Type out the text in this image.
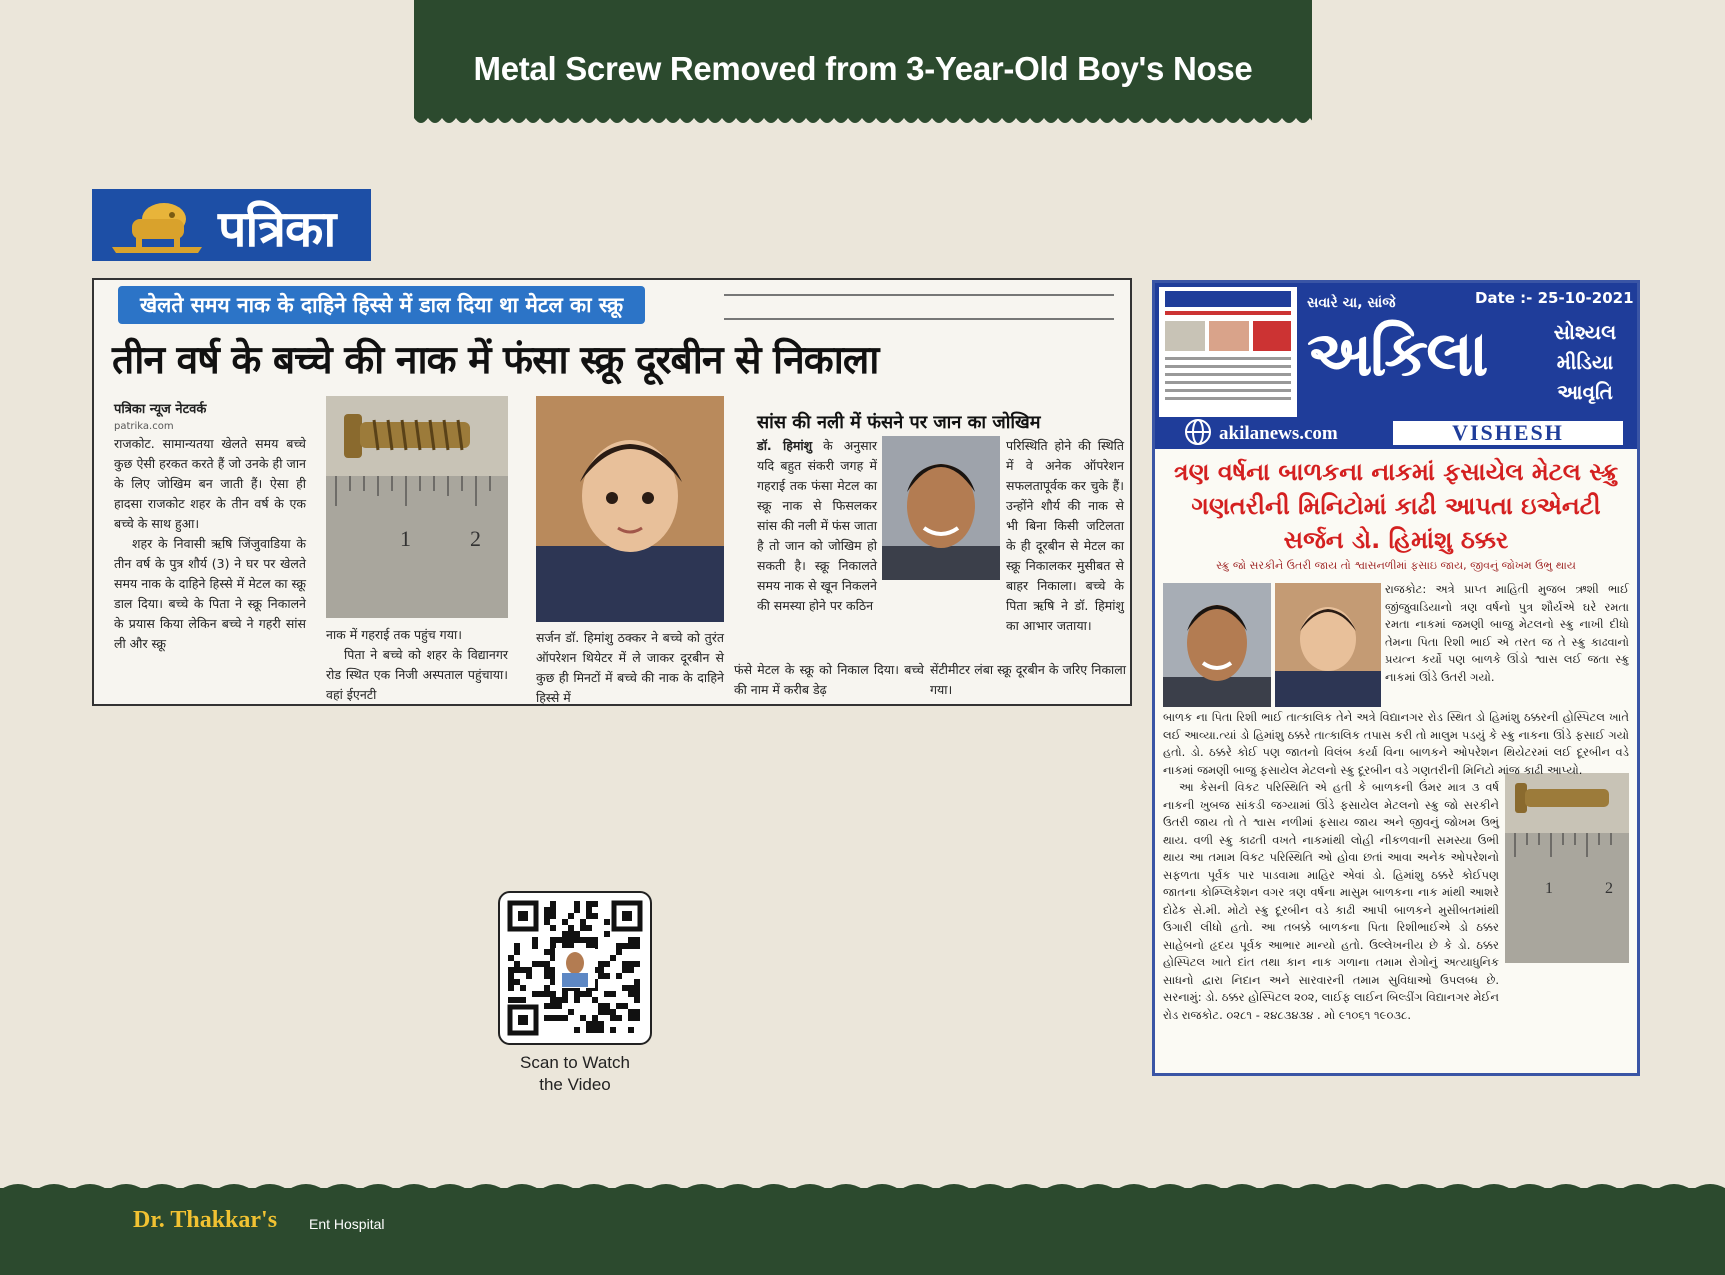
Metal Screw Removed from 3-Year-Old Boy's Nose
पत्रिका
खेलते समय नाक के दाहिने हिस्से में डाल दिया था मेटल का स्क्रू
तीन वर्ष के बच्चे की नाक में फंसा स्क्रू दूरबीन से निकाला

पत्रिका न्यूज नेटवर्क

patrika.com

राजकोट. सामान्यतया खेलते समय बच्चे कुछ ऐसी हरकत करते हैं जो उनके ही जान के लिए जोखिम बन जाती हैं। ऐसा ही हादसा राजकोट शहर के तीन वर्ष के एक बच्चे के साथ हुआ।

शहर के निवासी ऋषि जिंजुवाडिया के तीन वर्ष के पुत्र शौर्य (3) ने घर पर खेलते समय नाक के दाहिने हिस्से में मेटल का स्क्रू डाल दिया। बच्चे के पिता ने स्क्रू निकालने के प्रयास किया लेकिन बच्चे ने गहरी सांस ली और स्क्रू

1	2

नाक में गहराई तक पहुंच गया।

पिता ने बच्चे को शहर के विद्यानगर रोड स्थित एक निजी अस्पताल पहुंचाया। वहां ईएनटी

सर्जन डॉ. हिमांशु ठक्कर ने बच्चे को तुरंत ऑपरेशन थियेटर में ले जाकर दूरबीन से कुछ ही मिनटों में बच्चे की नाक के दाहिने हिस्से में

सांस की नली में फंसने पर जान का जोखिम

डॉ. हिमांशु के अनुसार यदि बहुत संकरी जगह में गहराई तक फंसा मेटल का स्क्रू नाक से फिसलकर सांस की नली में फंस जाता है तो जान को जोखिम हो सकती है। स्क्रू निकालते समय नाक से खून निकलने की समस्या होने पर कठिन

फंसे मेटल के स्क्रू को निकाल दिया। बच्चे की नाम में करीब डेढ़

परिस्थिति होने की स्थिति में वे अनेक ऑपरेशन सफलतापूर्वक कर चुके हैं। उन्होंने शौर्य की नाक से भी बिना किसी जटिलता के ही दूरबीन से मेटल का स्क्रू निकालकर मुसीबत से बाहर निकाला। बच्चे के पिता ऋषि ने डॉ. हिमांशु का आभार जताया।

सेंटीमीटर लंबा स्क्रू दूरबीन के जरिए निकाला गया।

સવારે ચા, સાંજે	Date :- 25-10-2021
અકિલા	સોશ્યલ મીડિયા આવૃતિ
akilanews.com	VISHESH
ત્રણ વર્ષના બાળકના નાકમાં ફસાયેલ મેટલ સ્ક્રુ ગણતરીની મિનિટોમાં કાઢી આપતા ઇએનટી સર્જન ડો. હિમાંશુ ઠક્કર
સ્ક્રુ જો સરકીને ઉતરી જાય તો શ્વાસનળીમાં ફસાઇ જાય, જીવનું જોખમ ઉભુ થાય

રાજકોટ: અત્રે પ્રાપ્ત માહિતી મુજબ ઋશી ભાઈ જીંજુવાડિયાનો ત્રણ વર્ષનો પુત્ર શૌર્યએ ઘરે રમતા રમતા નાકમાં જમણી બાજુ મેટલનો સ્ક્રુ નાખી દીધો તેમના પિતા રિશી ભાઈ એ તરત જ તે સ્ક્રુ કાઢવાનો પ્રયત્ન કર્યો પણ બાળકે ઊંડો શ્વાસ લઈ જતા સ્ક્રુ નાકમાં ઊંડે ઉતરી ગયો.

1	2

બાળક ના પિતા રિશી ભાઈ તાત્કાલિક તેને અત્રે વિદ્યાનગર રોડ સ્થિત ડો હિમાંશુ ઠક્કરની હોસ્પિટલ ખાતે લઈ આવ્યા.ત્યાં ડો હિમાંશુ ઠક્કરે તાત્કાલિક તપાસ કરી તો માલુમ પડયું કે સ્ક્રુ નાકના ઊંડે ફસાઈ ગયો હતો. ડો. ઠક્કરે કોઈ પણ જાતનો વિલંબ કર્યા વિના બાળકને ઓપરેશન થિયેટરમાં લઈ દૂરબીન વડે નાકમાં જમણી બાજુ ફસાયેલ મેટલનો સ્ક્રુ દૂરબીન વડે ગણતરીની મિનિટો માંજ કાઢી આપ્યો.

આ કેસની વિકટ પરિસ્થિતિ એ હતી કે બાળકની ઉંમર માત્ર ૩ વર્ષ નાકની ખુબજ સાંકડી જગ્યામાં ઊંડે ફસાયેલ મેટલનો સ્ક્રુ જો સરકીને ઉતરી જાય તો તે શ્વાસ નળીમાં ફસાય જાય અને જીવનું જોખમ ઉભું થાય. વળી સ્ક્રુ કાઢતી વખતે નાકમાંથી લોહી નીકળવાની સમસ્યા ઉભી થાય આ તમામ વિકટ પરિસ્થિતિ ઓ હોવા છતાં આવા અનેક ઓપરેશનો સફળતા પૂર્વક પાર પાડવામા માહિર એવાં ડો. હિમાંશુ ઠક્કરે કોઈપણ જાતના કોમ્પ્લિકેશન વગર ત્રણ વર્ષના માસુમ બાળકના નાક માંથી આશરે દોઢેક સે.મી. મોટો સ્ક્રુ દૂરબીન વડે કાઢી આપી બાળકને મુસીબતમાંથી ઉગારી લીધો હતો. આ તબક્કે બાળકના પિતા રિશીભાઈએ ડો ઠક્કર સાહેબનો હૃદય પૂર્વક આભાર માન્યો હતો. ઉલ્લેખનીય છે કે ડો. ઠક્કર હોસ્પિટલ ખાતે દાંત તથા કાન નાક ગળાના તમામ રોગોનું અત્યાધુનિક સાધનો દ્વારા નિદાન અને સારવારની તમામ સુવિધાઓ ઉપલબ્ધ છે. સરનામું: ડો. ઠક્કર હોસ્પિટલ ૨૦૨, લાઈફ લાઈન બિલ્ડીંગ વિદ્યાનગર મેઈન રોડ રાજકોટ. ૦૨૮૧ - ૨૪૮૩૪૩૪ . મો ૯૧૦૬૧ ૧૯૦૩૮.

Scan to Watch
the Video
Dr. Thakkar's Ent Hospital
